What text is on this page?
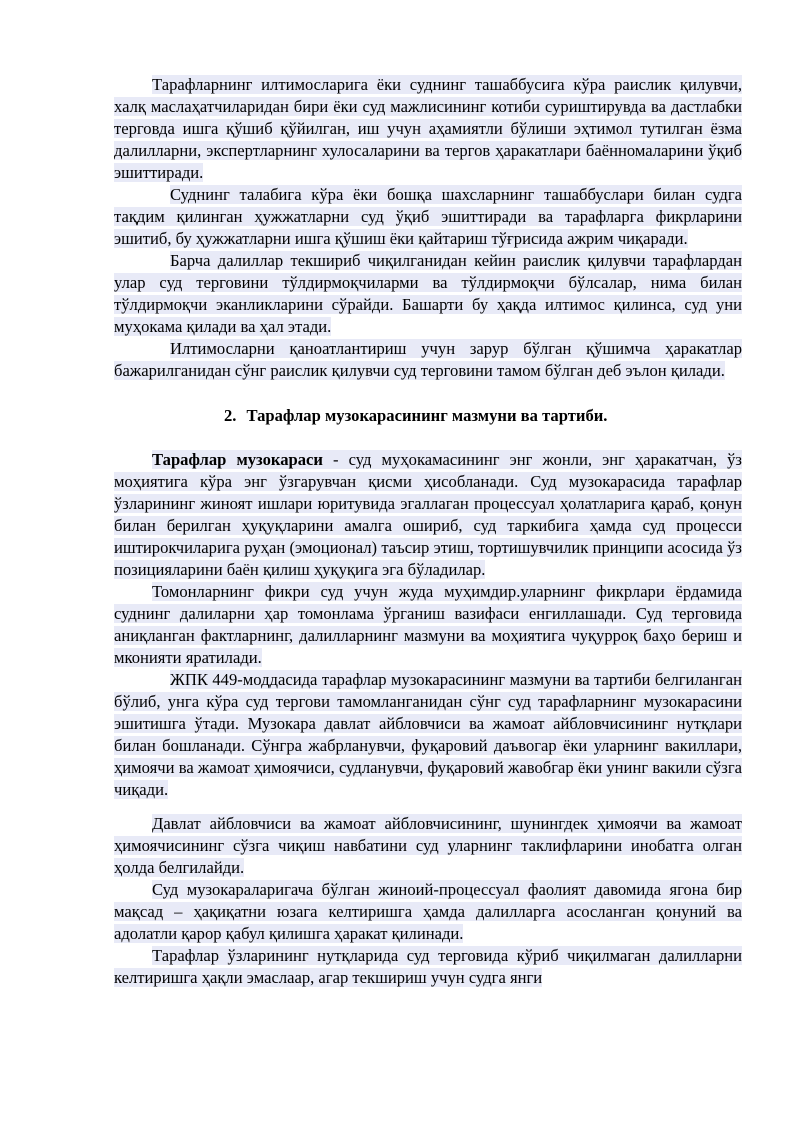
Тарафларнинг илтимосларига ёки суднинг ташаббусига кўра раислик қилувчи, халқ маслаҳатчиларидан бири ёки суд мажлисининг котиби суриштирувда ва дастлабки терговда ишга қўшиб қўйилган, иш учун аҳамиятли бўлиши эҳтимол тутилган ёзма далилларни, экспертларнинг хулосаларини ва тергов ҳаракатлари баённомаларини ўқиб эшиттиради.

Суднинг талабига кўра ёки бошқа шахсларнинг ташаббуслари билан судга тақдим қилинган ҳужжатларни суд ўқиб эшиттиради ва тарафларга фикрларини эшитиб, бу ҳужжатларни ишга қўшиш ёки қайтариш тўғрисида ажрим чиқаради.

Барча далиллар текшириб чиқилганидан кейин раислик қилувчи тарафлардан улар суд терговини тўлдирмоқчиларми ва тўлдирмоқчи бўлсалар, нима билан тўлдирмоқчи эканликларини сўрайди. Башарти бу ҳақда илтимос қилинса, суд уни муҳокама қилади ва ҳал этади.

Илтимосларни қаноатлантириш учун зарур бўлган қўшимча ҳаракатлар бажарилганидан сўнг раислик қилувчи суд терговини тамом бўлган деб эълон қилади.

2. Тарафлар музокарасининг мазмуни ва тартиби.

Тарафлар музокараси - суд муҳокамасининг энг жонли, энг ҳаракатчан, ўз моҳиятига кўра энг ўзгарувчан қисми ҳисобланади. Суд музокарасида тарафлар ўзларининг жиноят ишлари юритувида эгаллаган процессуал ҳолатларига қараб, қонун билан берилган ҳуқуқларини амалга ошириб, суд таркибига ҳамда суд процесси иштирокчиларига руҳан (эмоционал) таъсир этиш, тортишувчилик принципи асосида ўз позицияларини баён қилиш ҳуқуқига эга бўладилар.

Томонларнинг фикри суд учун жуда муҳимдир.уларнинг фикрлари ёрдамида суднинг далиларни ҳар томонлама ўрганиш вазифаси енгиллашади. Суд терговида аниқланган фактларнинг, далилларнинг мазмуни ва моҳиятига чуқурроқ баҳо бериш и мконияти яратилади.

ЖПК 449-моддасида тарафлар музокарасининг мазмуни ва тартиби белгиланган бўлиб, унга кўра суд тергови тамомланганидан сўнг суд тарафларнинг музокарасини эшитишга ўтади. Музокара давлат айбловчиси ва жамоат айбловчисининг нутқлари билан бошланади. Сўнгра жабрланувчи, фуқаровий даъвогар ёки уларнинг вакиллари, ҳимоячи ва жамоат ҳимоячиси, судланувчи, фуқаровий жавобгар ёки унинг вакили сўзга чиқади.

Давлат айбловчиси ва жамоат айбловчисининг, шунингдек ҳимоячи ва жамоат ҳимоячисининг сўзга чиқиш навбатини суд уларнинг таклифларини инобатга олган ҳолда белгилайди.

Суд музокараларигача бўлган жиноий-процессуал фаолият давомида ягона бир мақсад – ҳақиқатни юзага келтиришга ҳамда далилларга асосланган қонуний ва адолатли қарор қабул қилишга ҳаракат қилинади.

Тарафлар ўзларининг нутқларида суд терговида кўриб чиқилмаган далилларни келтиришга ҳақли эмаслаар, агар текшириш учун судга янги
